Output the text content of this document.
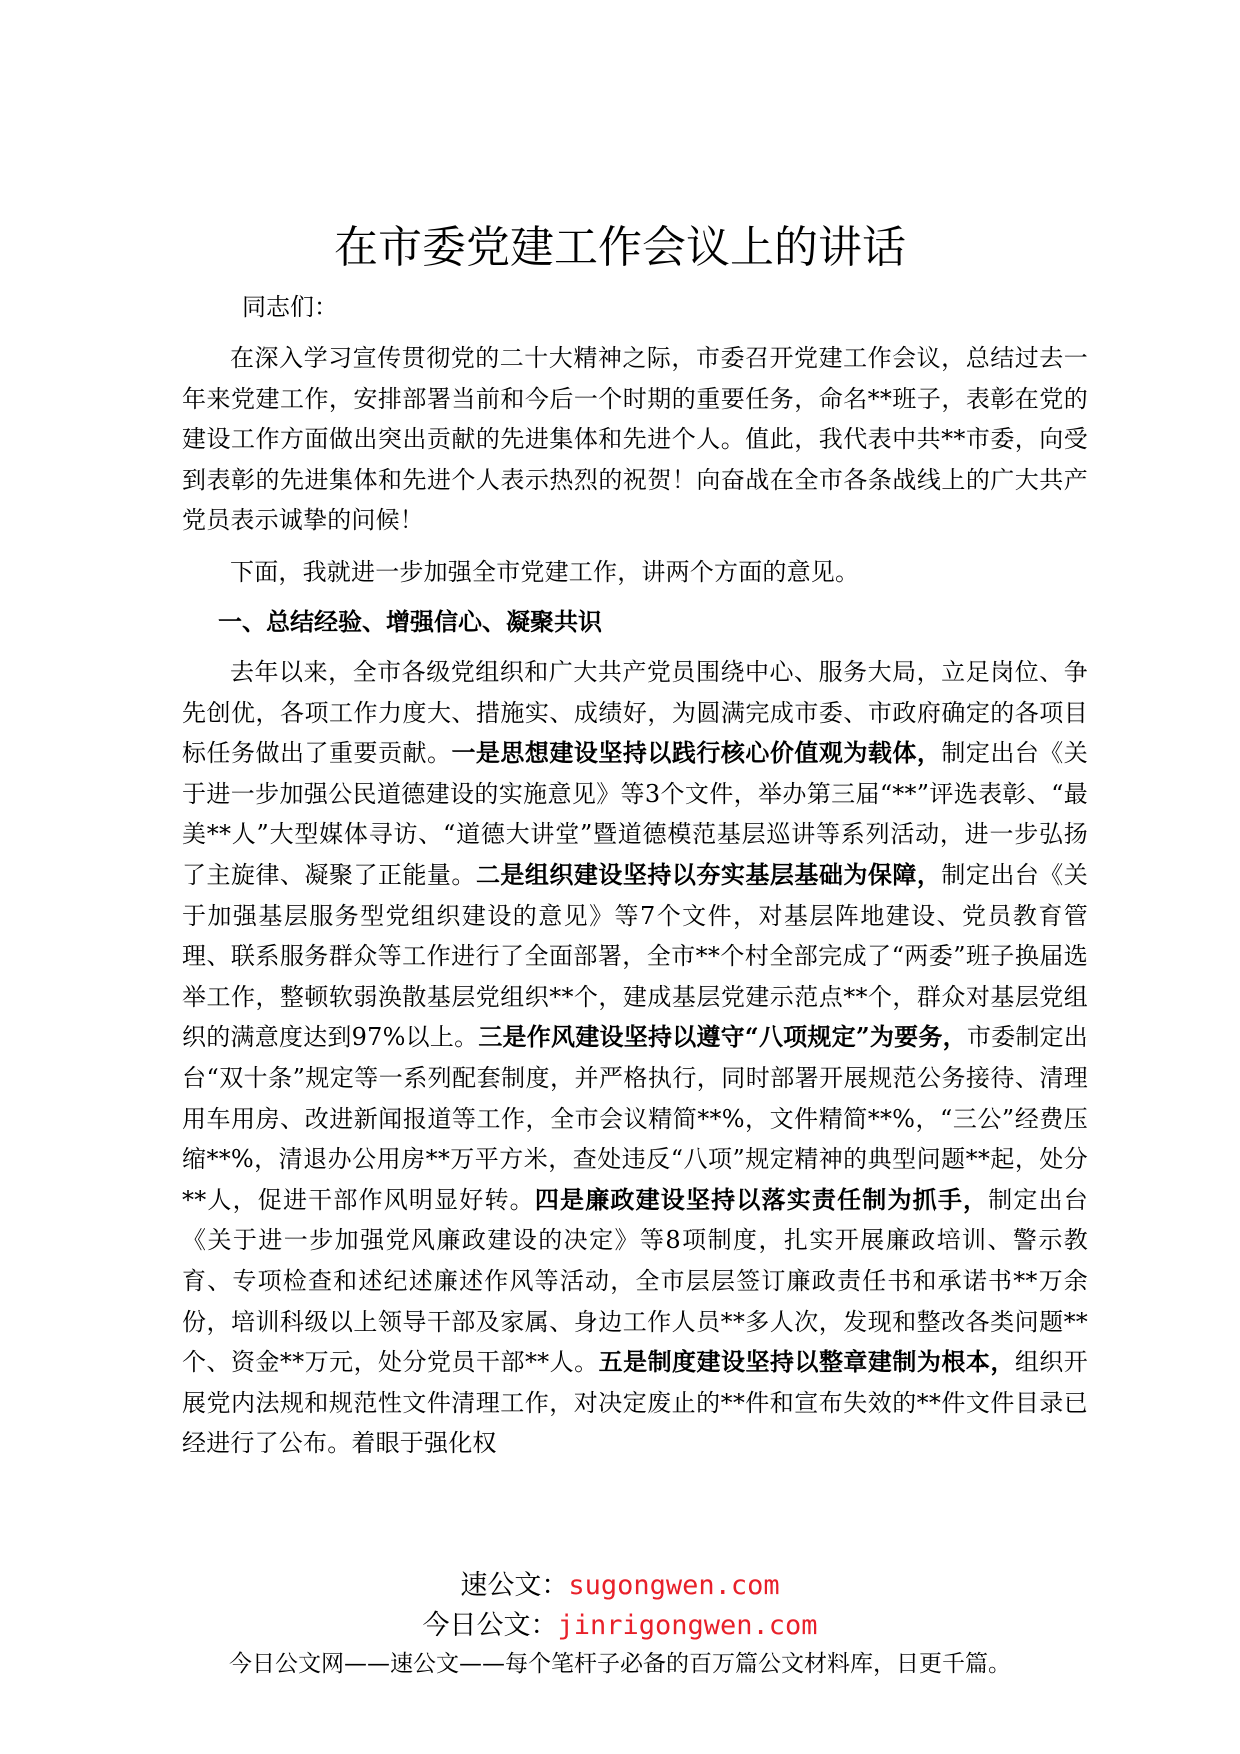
在市委党建工作会议上的讲话

同志们：

在深入学习宣传贯彻党的二十大精神之际，市委召开党建工作会议，总结过去一年来党建工作，安排部署当前和今后一个时期的重要任务，命名**班子，表彰在党的建设工作方面做出突出贡献的先进集体和先进个人。值此，我代表中共**市委，向受到表彰的先进集体和先进个人表示热烈的祝贺！向奋战在全市各条战线上的广大共产党员表示诚挚的问候！

下面，我就进一步加强全市党建工作，讲两个方面的意见。

一、总结经验、增强信心、凝聚共识

去年以来，全市各级党组织和广大共产党员围绕中心、服务大局，立足岗位、争先创优，各项工作力度大、措施实、成绩好，为圆满完成市委、市政府确定的各项目标任务做出了重要贡献。一是思想建设坚持以践行核心价值观为载体，制定出台《关于进一步加强公民道德建设的实施意见》等3个文件，举办第三届“**”评选表彰、“最美**人”大型媒体寻访、“道德大讲堂”暨道德模范基层巡讲等系列活动，进一步弘扬了主旋律、凝聚了正能量。二是组织建设坚持以夯实基层基础为保障，制定出台《关于加强基层服务型党组织建设的意见》等7个文件，对基层阵地建设、党员教育管理、联系服务群众等工作进行了全面部署，全市**个村全部完成了“两委”班子换届选举工作，整顿软弱涣散基层党组织**个，建成基层党建示范点**个，群众对基层党组织的满意度达到97%以上。三是作风建设坚持以遵守“八项规定”为要务，市委制定出台“双十条”规定等一系列配套制度，并严格执行，同时部署开展规范公务接待、清理用车用房、改进新闻报道等工作，全市会议精简**%，文件精简**%，“三公”经费压缩**%，清退办公用房**万平方米，查处违反“八项”规定精神的典型问题**起，处分**人，促进干部作风明显好转。四是廉政建设坚持以落实责任制为抓手，制定出台《关于进一步加强党风廉政建设的决定》等8项制度，扎实开展廉政培训、警示教育、专项检查和述纪述廉述作风等活动，全市层层签订廉政责任书和承诺书**万余份，培训科级以上领导干部及家属、身边工作人员**多人次，发现和整改各类问题**个、资金**万元，处分党员干部**人。五是制度建设坚持以整章建制为根本，组织开展党内法规和规范性文件清理工作，对决定废止的**件和宣布失效的**件文件目录已经进行了公布。着眼于强化权

速公文：sugongwen.com

今日公文：jinrigongwen.com

今日公文网——速公文——每个笔杆子必备的百万篇公文材料库，日更千篇。
